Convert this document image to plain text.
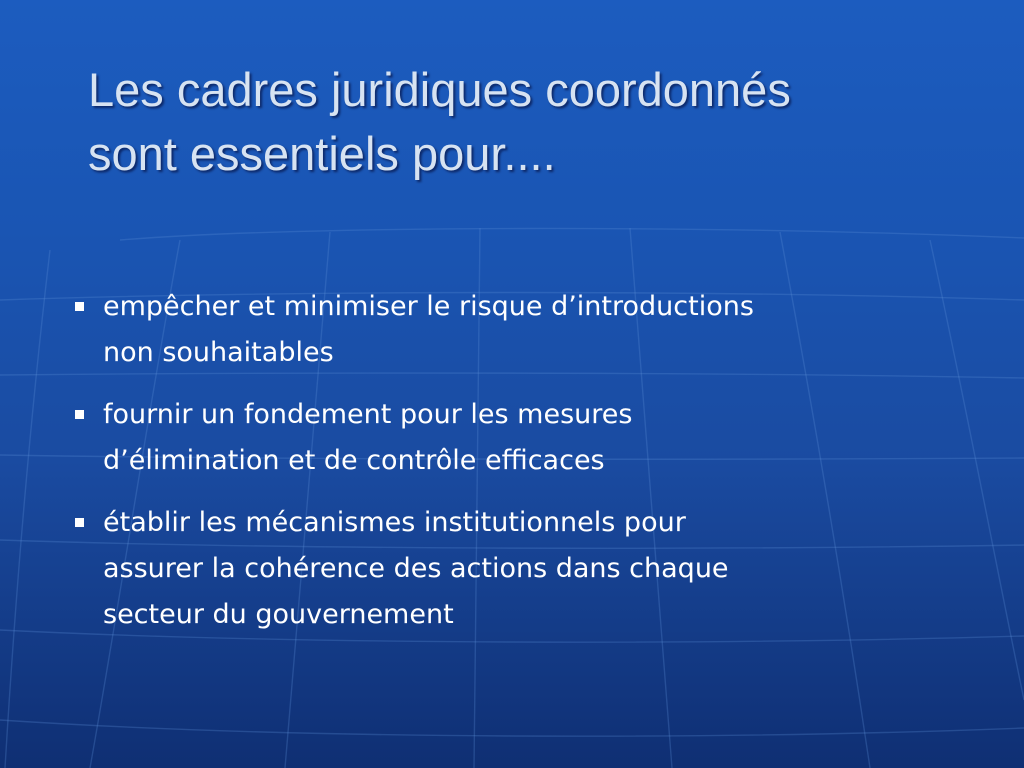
Les cadres juridiques coordonnés
sont essentiels pour....
empêcher et minimiser le risque d’introductions
non souhaitables
fournir un fondement pour les mesures
d’élimination et de contrôle efficaces
établir les mécanismes institutionnels pour
assurer la cohérence des actions dans chaque
secteur du gouvernement
